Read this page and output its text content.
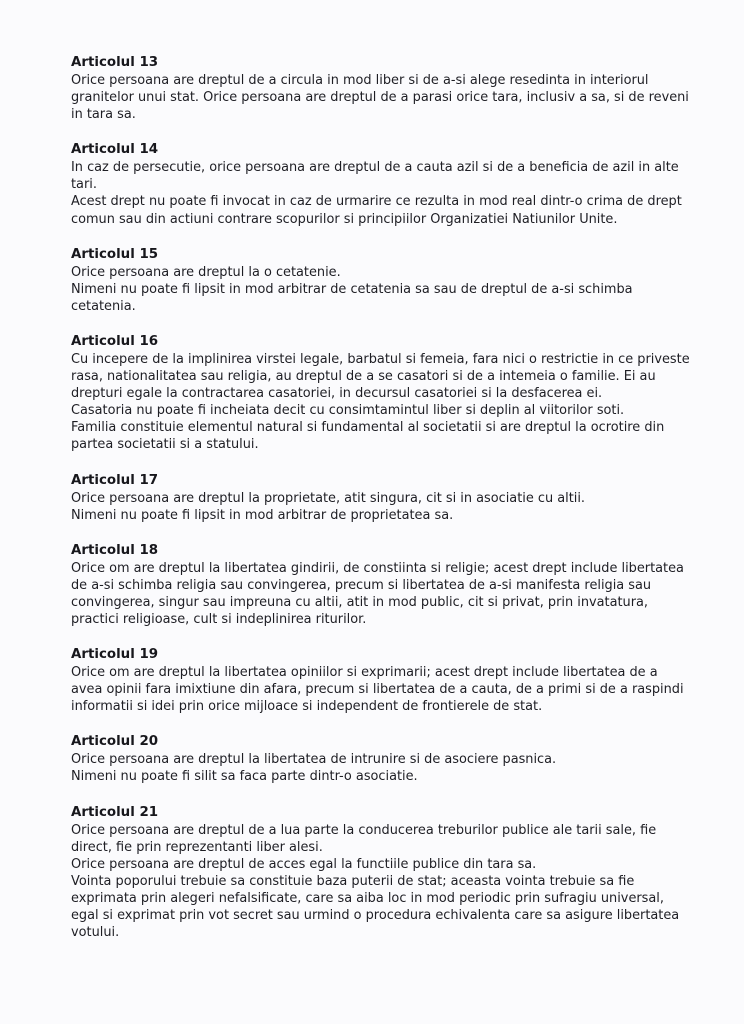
Articolul 13

Orice persoana are dreptul de a circula in mod liber si de a-si alege resedinta in interiorul granitelor unui stat. Orice persoana are dreptul de a parasi orice tara, inclusiv a sa, si de reveni in tara sa.

Articolul 14

In caz de persecutie, orice persoana are dreptul de a cauta azil si de a beneficia de azil in alte tari.

Acest drept nu poate fi invocat in caz de urmarire ce rezulta in mod real dintr-o crima de drept comun sau din actiuni contrare scopurilor si principiilor Organizatiei Natiunilor Unite.

Articolul 15

Orice persoana are dreptul la o cetatenie.

Nimeni nu poate fi lipsit in mod arbitrar de cetatenia sa sau de dreptul de a-si schimba cetatenia.

Articolul 16

Cu incepere de la implinirea virstei legale, barbatul si femeia, fara nici o restrictie in ce priveste rasa, nationalitatea sau religia, au dreptul de a se casatori si de a intemeia o familie. Ei au drepturi egale la contractarea casatoriei, in decursul casatoriei si la desfacerea ei.

Casatoria nu poate fi incheiata decit cu consimtamintul liber si deplin al viitorilor soti.

Familia constituie elementul natural si fundamental al societatii si are dreptul la ocrotire din partea societatii si a statului.

Articolul 17

Orice persoana are dreptul la proprietate, atit singura, cit si in asociatie cu altii.

Nimeni nu poate fi lipsit in mod arbitrar de proprietatea sa.

Articolul 18

Orice om are dreptul la libertatea gindirii, de constiinta si religie; acest drept include libertatea de a-si schimba religia sau convingerea, precum si libertatea de a-si manifesta religia sau convingerea, singur sau impreuna cu altii, atit in mod public, cit si privat, prin invatatura, practici religioase, cult si indeplinirea riturilor.

Articolul 19

Orice om are dreptul la libertatea opiniilor si exprimarii; acest drept include libertatea de a avea opinii fara imixtiune din afara, precum si libertatea de a cauta, de a primi si de a raspindi informatii si idei prin orice mijloace si independent de frontierele de stat.

Articolul 20

Orice persoana are dreptul la libertatea de intrunire si de asociere pasnica.

Nimeni nu poate fi silit sa faca parte dintr-o asociatie.

Articolul 21

Orice persoana are dreptul de a lua parte la conducerea treburilor publice ale tarii sale, fie direct, fie prin reprezentanti liber alesi.

Orice persoana are dreptul de acces egal la functiile publice din tara sa.

Vointa poporului trebuie sa constituie baza puterii de stat; aceasta vointa trebuie sa fie exprimata prin alegeri nefalsificate, care sa aiba loc in mod periodic prin sufragiu universal, egal si exprimat prin vot secret sau urmind o procedura echivalenta care sa asigure libertatea votului.
